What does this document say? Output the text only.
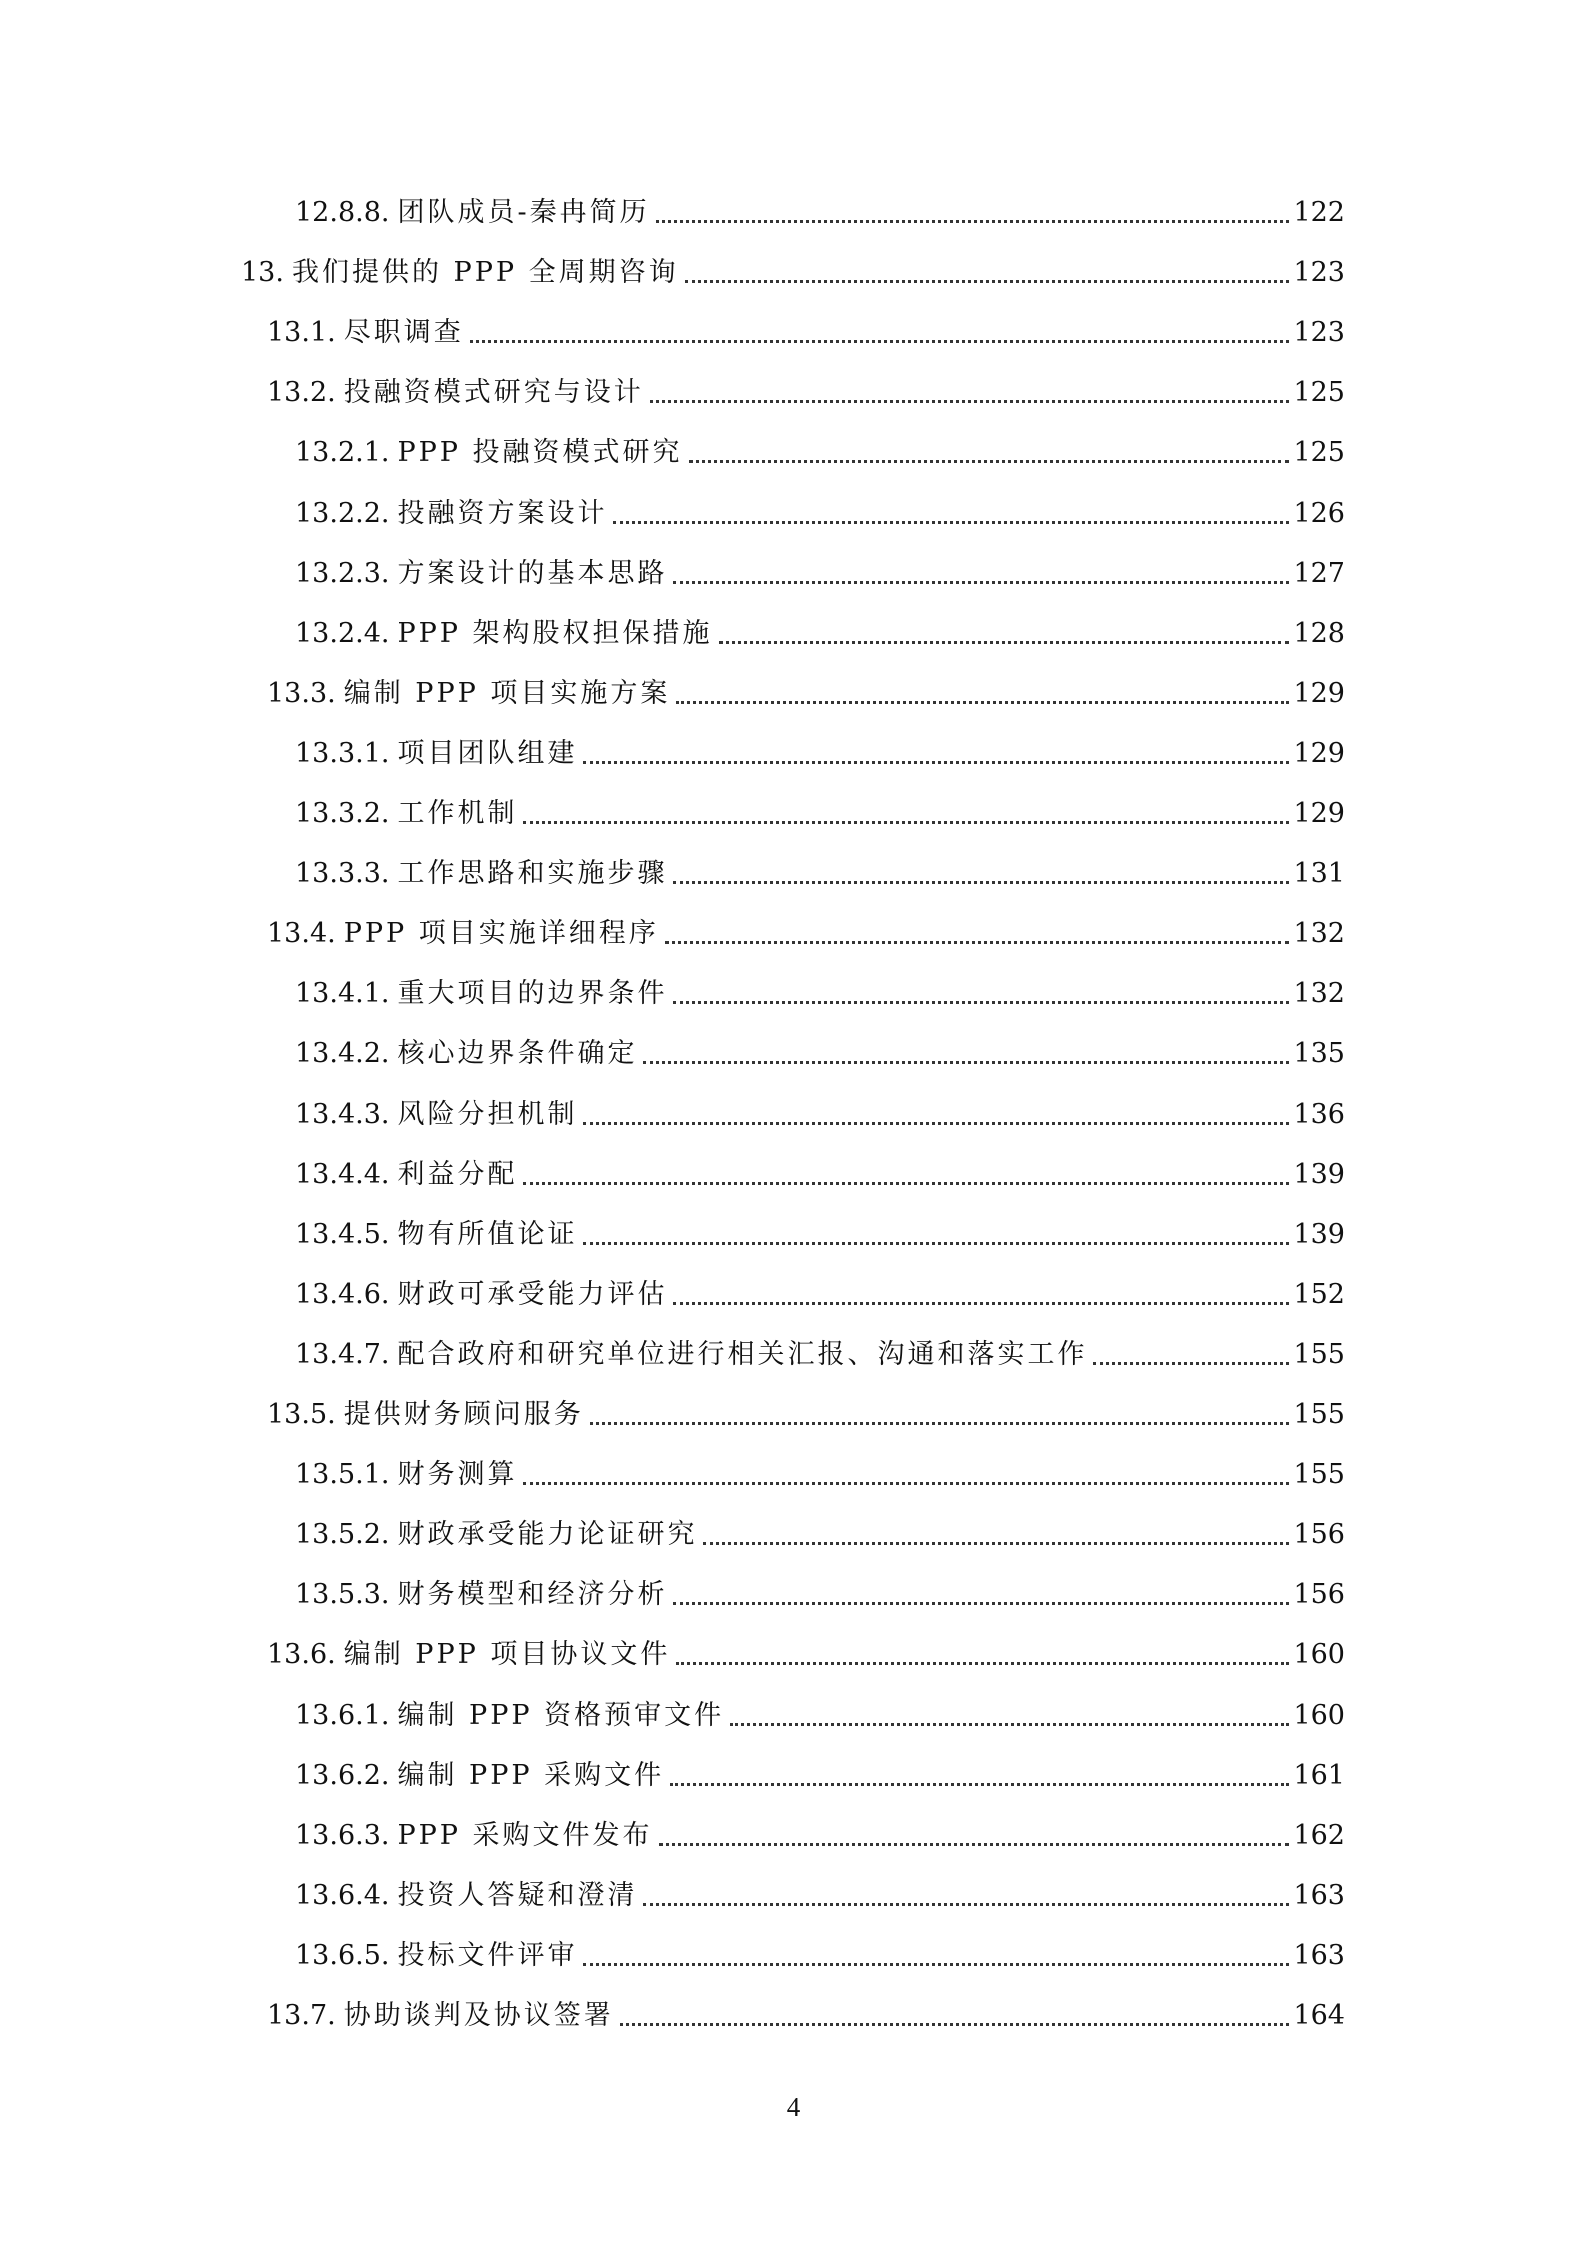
12.8.8. 团队成员-秦冉简历	122
13. 我们提供的 PPP 全周期咨询	123
13.1. 尽职调查	123
13.2. 投融资模式研究与设计	125
13.2.1. PPP 投融资模式研究	125
13.2.2. 投融资方案设计	126
13.2.3. 方案设计的基本思路	127
13.2.4. PPP 架构股权担保措施	128
13.3. 编制 PPP 项目实施方案	129
13.3.1. 项目团队组建	129
13.3.2. 工作机制	129
13.3.3. 工作思路和实施步骤	131
13.4. PPP 项目实施详细程序	132
13.4.1. 重大项目的边界条件	132
13.4.2. 核心边界条件确定	135
13.4.3. 风险分担机制	136
13.4.4. 利益分配	139
13.4.5. 物有所值论证	139
13.4.6. 财政可承受能力评估	152
13.4.7. 配合政府和研究单位进行相关汇报、沟通和落实工作	155
13.5. 提供财务顾问服务	155
13.5.1. 财务测算	155
13.5.2. 财政承受能力论证研究	156
13.5.3. 财务模型和经济分析	156
13.6. 编制 PPP 项目协议文件	160
13.6.1. 编制 PPP 资格预审文件	160
13.6.2. 编制 PPP 采购文件	161
13.6.3. PPP 采购文件发布	162
13.6.4. 投资人答疑和澄清	163
13.6.5. 投标文件评审	163
13.7. 协助谈判及协议签署	164
4
